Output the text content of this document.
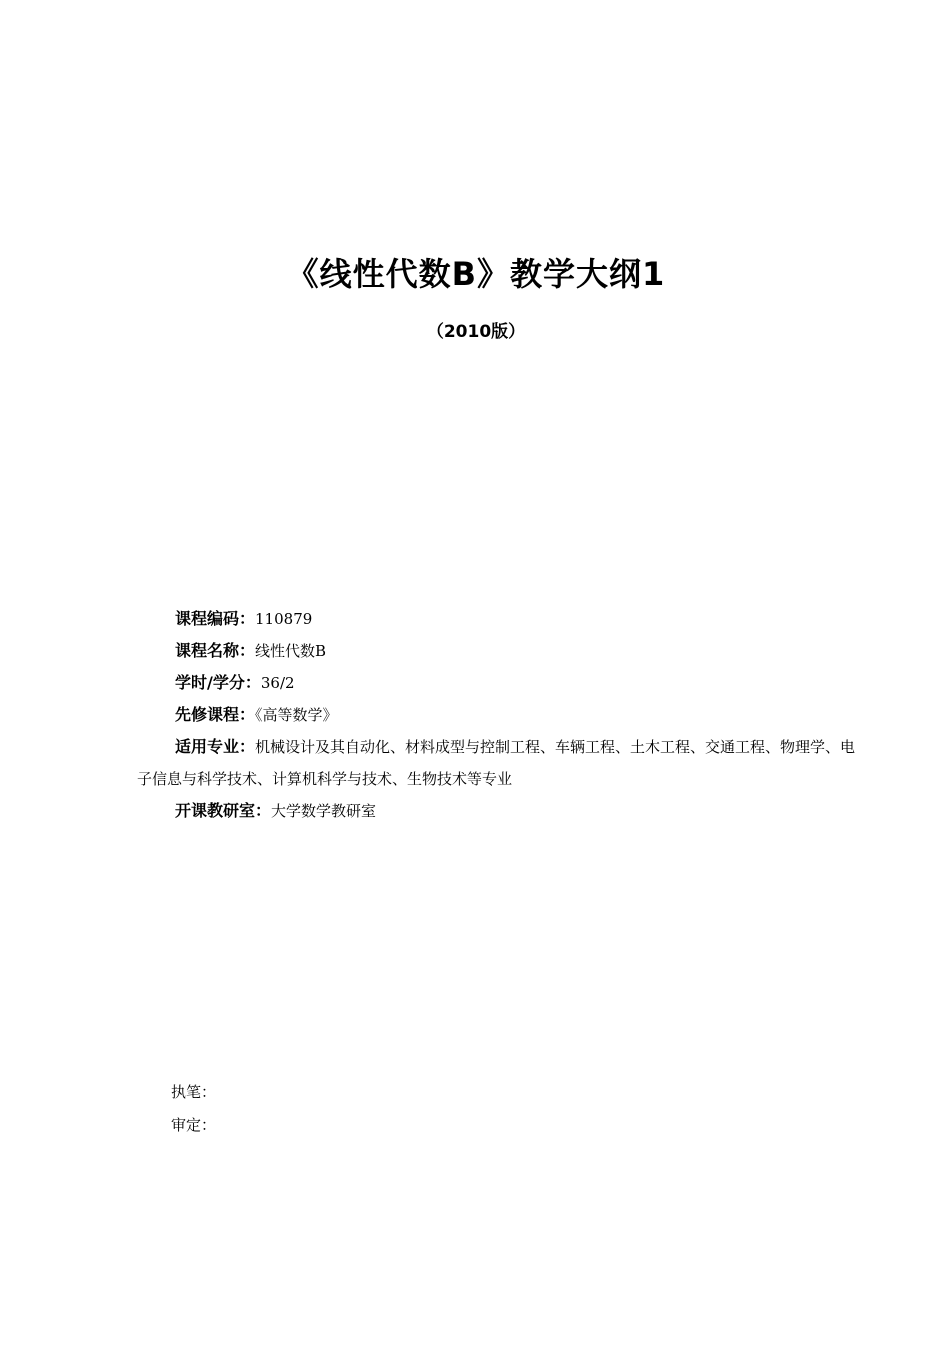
《线性代数B》教学大纲1
（2010版）

课程编码：110879

课程名称：线性代数B

学时/学分：36/2

先修课程：《高等数学》

适用专业：机械设计及其自动化、材料成型与控制工程、车辆工程、土木工程、交通工程、物理学、电子信息与科学技术、计算机科学与技术、生物技术等专业

开课教研室：大学数学教研室

执笔：

审定：
